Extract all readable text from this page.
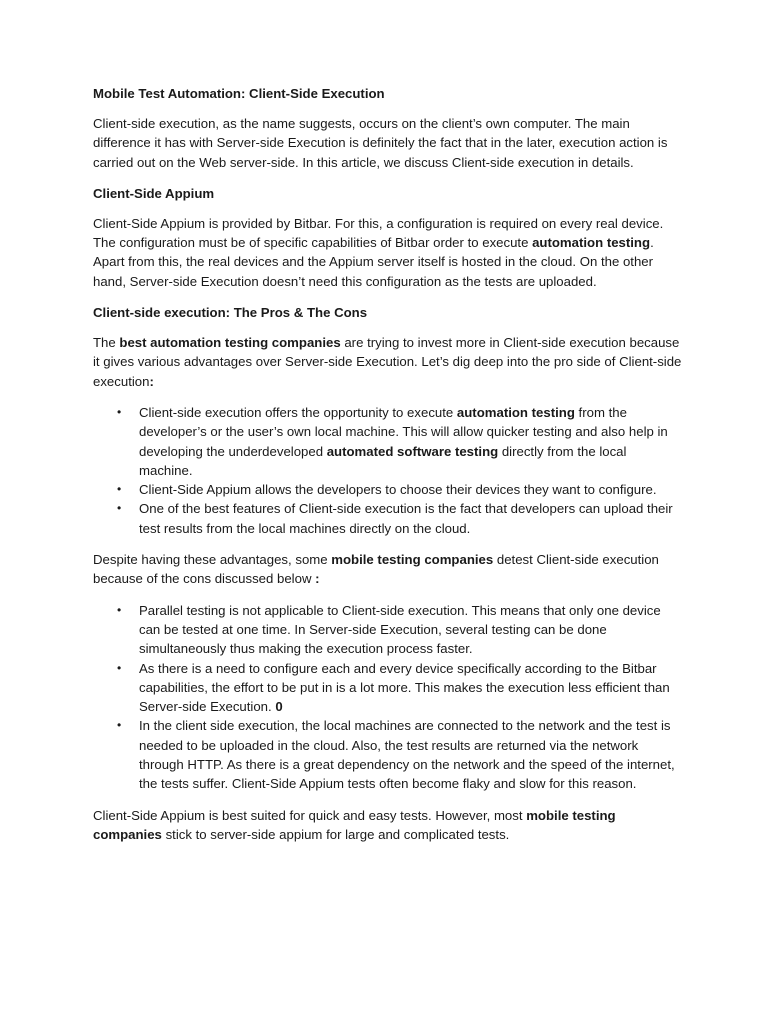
Mobile Test Automation: Client-Side Execution

Client-side execution, as the name suggests, occurs on the client’s own computer. The main difference it has with Server-side Execution is definitely the fact that in the later, execution action is carried out on the Web server-side. In this article, we discuss Client-side execution in details.

Client-Side Appium

Client-Side Appium is provided by Bitbar. For this, a configuration is required on every real device. The configuration must be of specific capabilities of Bitbar order to execute automation testing. Apart from this, the real devices and the Appium server itself is hosted in the cloud. On the other hand, Server-side Execution doesn’t need this configuration as the tests are uploaded.

Client-side execution: The Pros & The Cons

The best automation testing companies are trying to invest more in Client-side execution because it gives various advantages over Server-side Execution. Let’s dig deep into the pro side of Client-side execution:

• Client-side execution offers the opportunity to execute automation testing from the developer’s or the user’s own local machine. This will allow quicker testing and also help in developing the underdeveloped automated software testing directly from the local machine.
• Client-Side Appium allows the developers to choose their devices they want to configure.
• One of the best features of Client-side execution is the fact that developers can upload their test results from the local machines directly on the cloud.

Despite having these advantages, some mobile testing companies detest Client-side execution because of the cons discussed below :

• Parallel testing is not applicable to Client-side execution. This means that only one device can be tested at one time. In Server-side Execution, several testing can be done simultaneously thus making the execution process faster.
• As there is a need to configure each and every device specifically according to the Bitbar capabilities, the effort to be put in is a lot more. This makes the execution less efficient than Server-side Execution. 0
• In the client side execution, the local machines are connected to the network and the test is needed to be uploaded in the cloud. Also, the test results are returned via the network through HTTP. As there is a great dependency on the network and the speed of the internet, the tests suffer. Client-Side Appium tests often become flaky and slow for this reason.

Client-Side Appium is best suited for quick and easy tests. However, most mobile testing companies stick to server-side appium for large and complicated tests.
